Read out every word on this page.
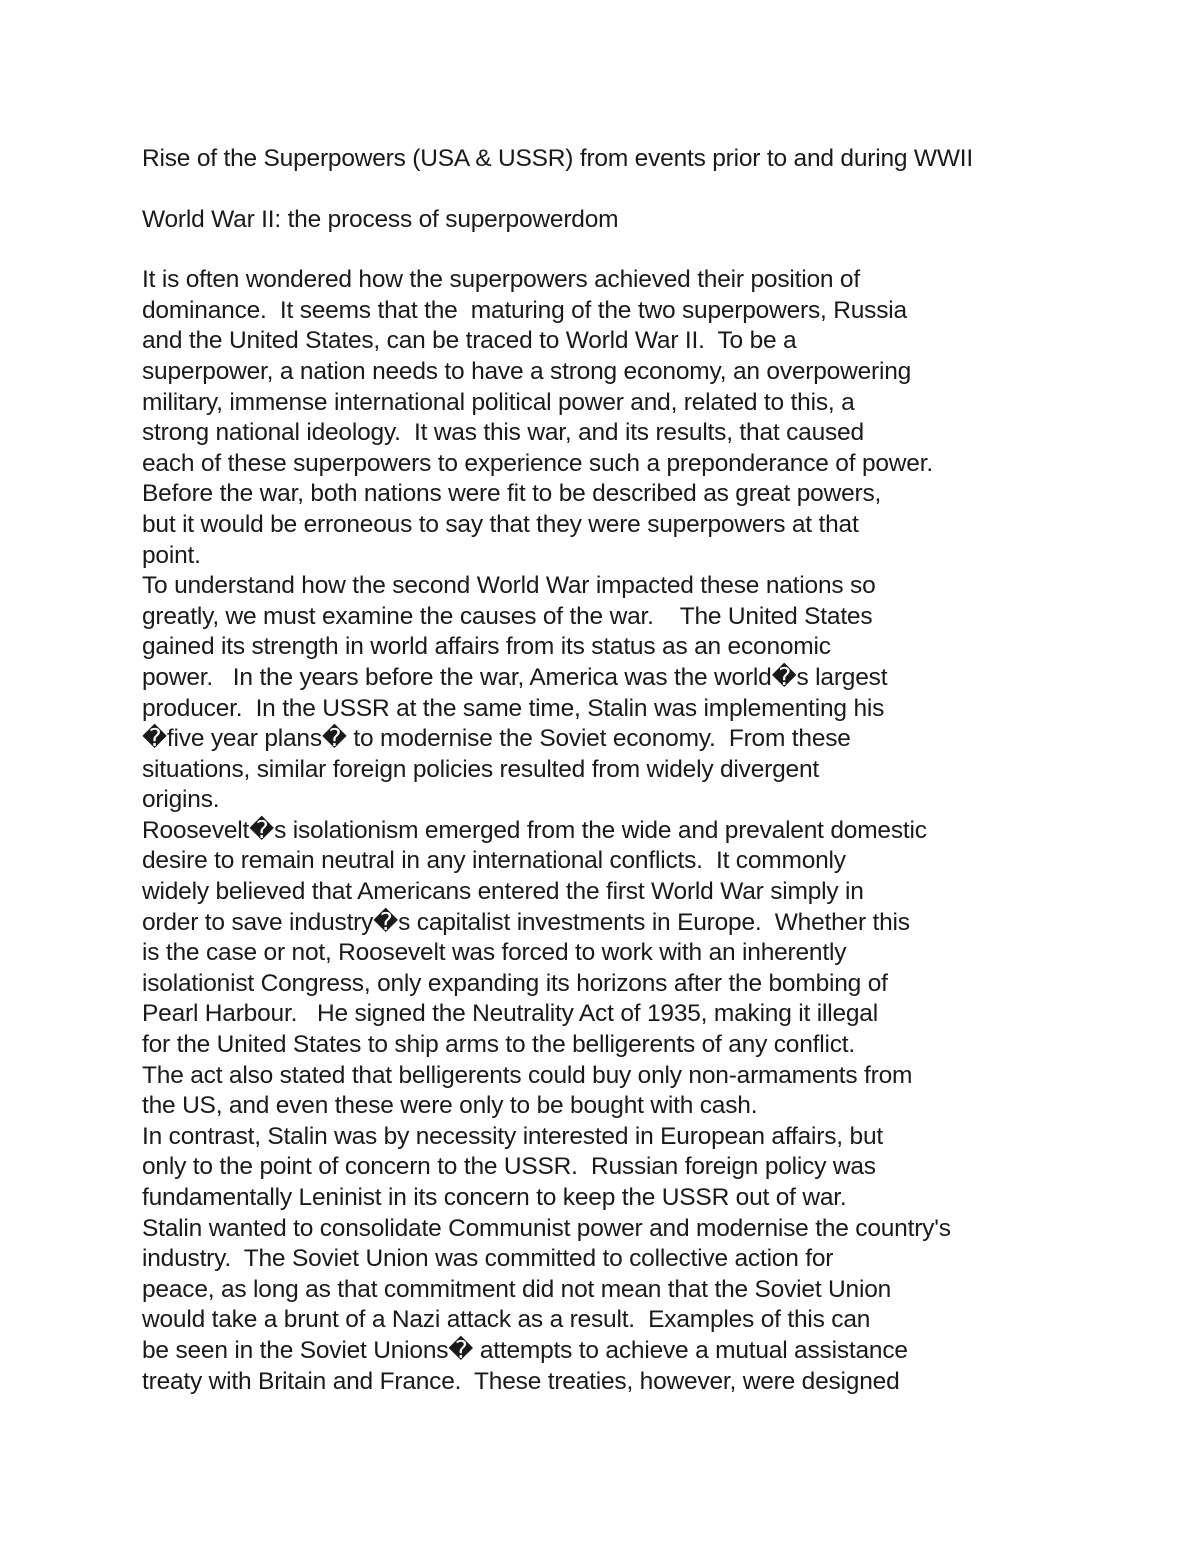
Rise of the Superpowers (USA & USSR) from events prior to and during WWII
World War II: the process of superpowerdom
It is often wondered how the superpowers achieved their position of
dominance.  It seems that the  maturing of the two superpowers, Russia
and the United States, can be traced to World War II.  To be a
superpower, a nation needs to have a strong economy, an overpowering
military, immense international political power and, related to this, a
strong national ideology.  It was this war, and its results, that caused
each of these superpowers to experience such a preponderance of power.
Before the war, both nations were fit to be described as great powers,
but it would be erroneous to say that they were superpowers at that
point.
To understand how the second World War impacted these nations so
greatly, we must examine the causes of the war.    The United States
gained its strength in world affairs from its status as an economic
power.   In the years before the war, America was the world�s largest
producer.  In the USSR at the same time, Stalin was implementing his
�five year plans� to modernise the Soviet economy.  From these
situations, similar foreign policies resulted from widely divergent
origins.
Roosevelt�s isolationism emerged from the wide and prevalent domestic
desire to remain neutral in any international conflicts.  It commonly
widely believed that Americans entered the first World War simply in
order to save industry�s capitalist investments in Europe.  Whether this
is the case or not, Roosevelt was forced to work with an inherently
isolationist Congress, only expanding its horizons after the bombing of
Pearl Harbour.   He signed the Neutrality Act of 1935, making it illegal
for the United States to ship arms to the belligerents of any conflict.
The act also stated that belligerents could buy only non-armaments from
the US, and even these were only to be bought with cash.
In contrast, Stalin was by necessity interested in European affairs, but
only to the point of concern to the USSR.  Russian foreign policy was
fundamentally Leninist in its concern to keep the USSR out of war.
Stalin wanted to consolidate Communist power and modernise the country's
industry.  The Soviet Union was committed to collective action for
peace, as long as that commitment did not mean that the Soviet Union
would take a brunt of a Nazi attack as a result.  Examples of this can
be seen in the Soviet Unions� attempts to achieve a mutual assistance
treaty with Britain and France.  These treaties, however, were designed
